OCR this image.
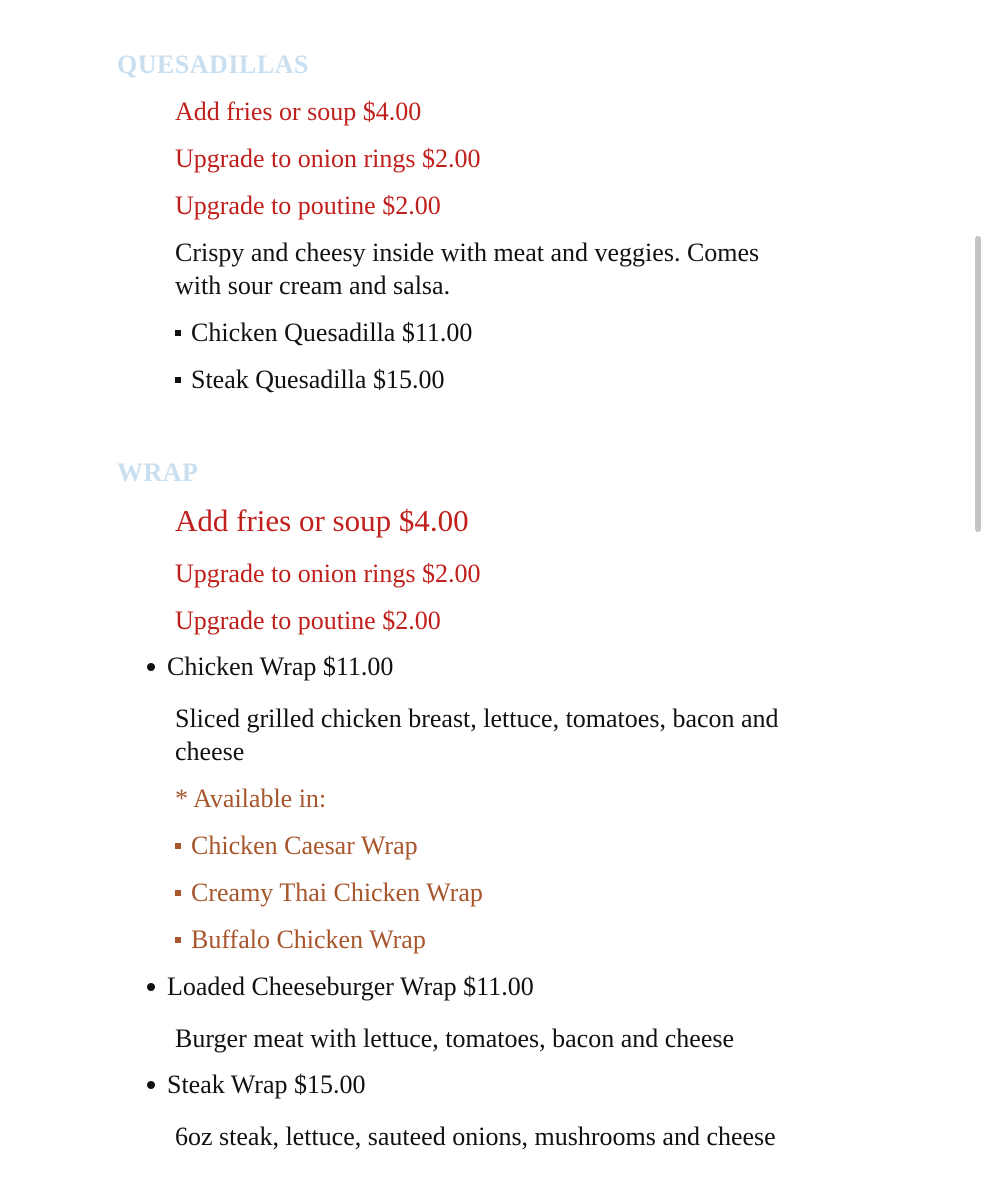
QUESADILLAS
Add fries or soup $4.00
Upgrade to onion rings $2.00
Upgrade to poutine $2.00
Crispy and cheesy inside with meat and veggies. Comes
with sour cream and salsa.
Chicken Quesadilla $11.00
Steak Quesadilla $15.00
WRAP
Add fries or soup $4.00
Upgrade to onion rings $2.00
Upgrade to poutine $2.00
Chicken Wrap $11.00
Sliced grilled chicken breast, lettuce, tomatoes, bacon and
cheese
* Available in:
Chicken Caesar Wrap
Creamy Thai Chicken Wrap
Buffalo Chicken Wrap
Loaded Cheeseburger Wrap $11.00
Burger meat with lettuce, tomatoes, bacon and cheese
Steak Wrap $15.00
6oz steak, lettuce, sauteed onions, mushrooms and cheese
